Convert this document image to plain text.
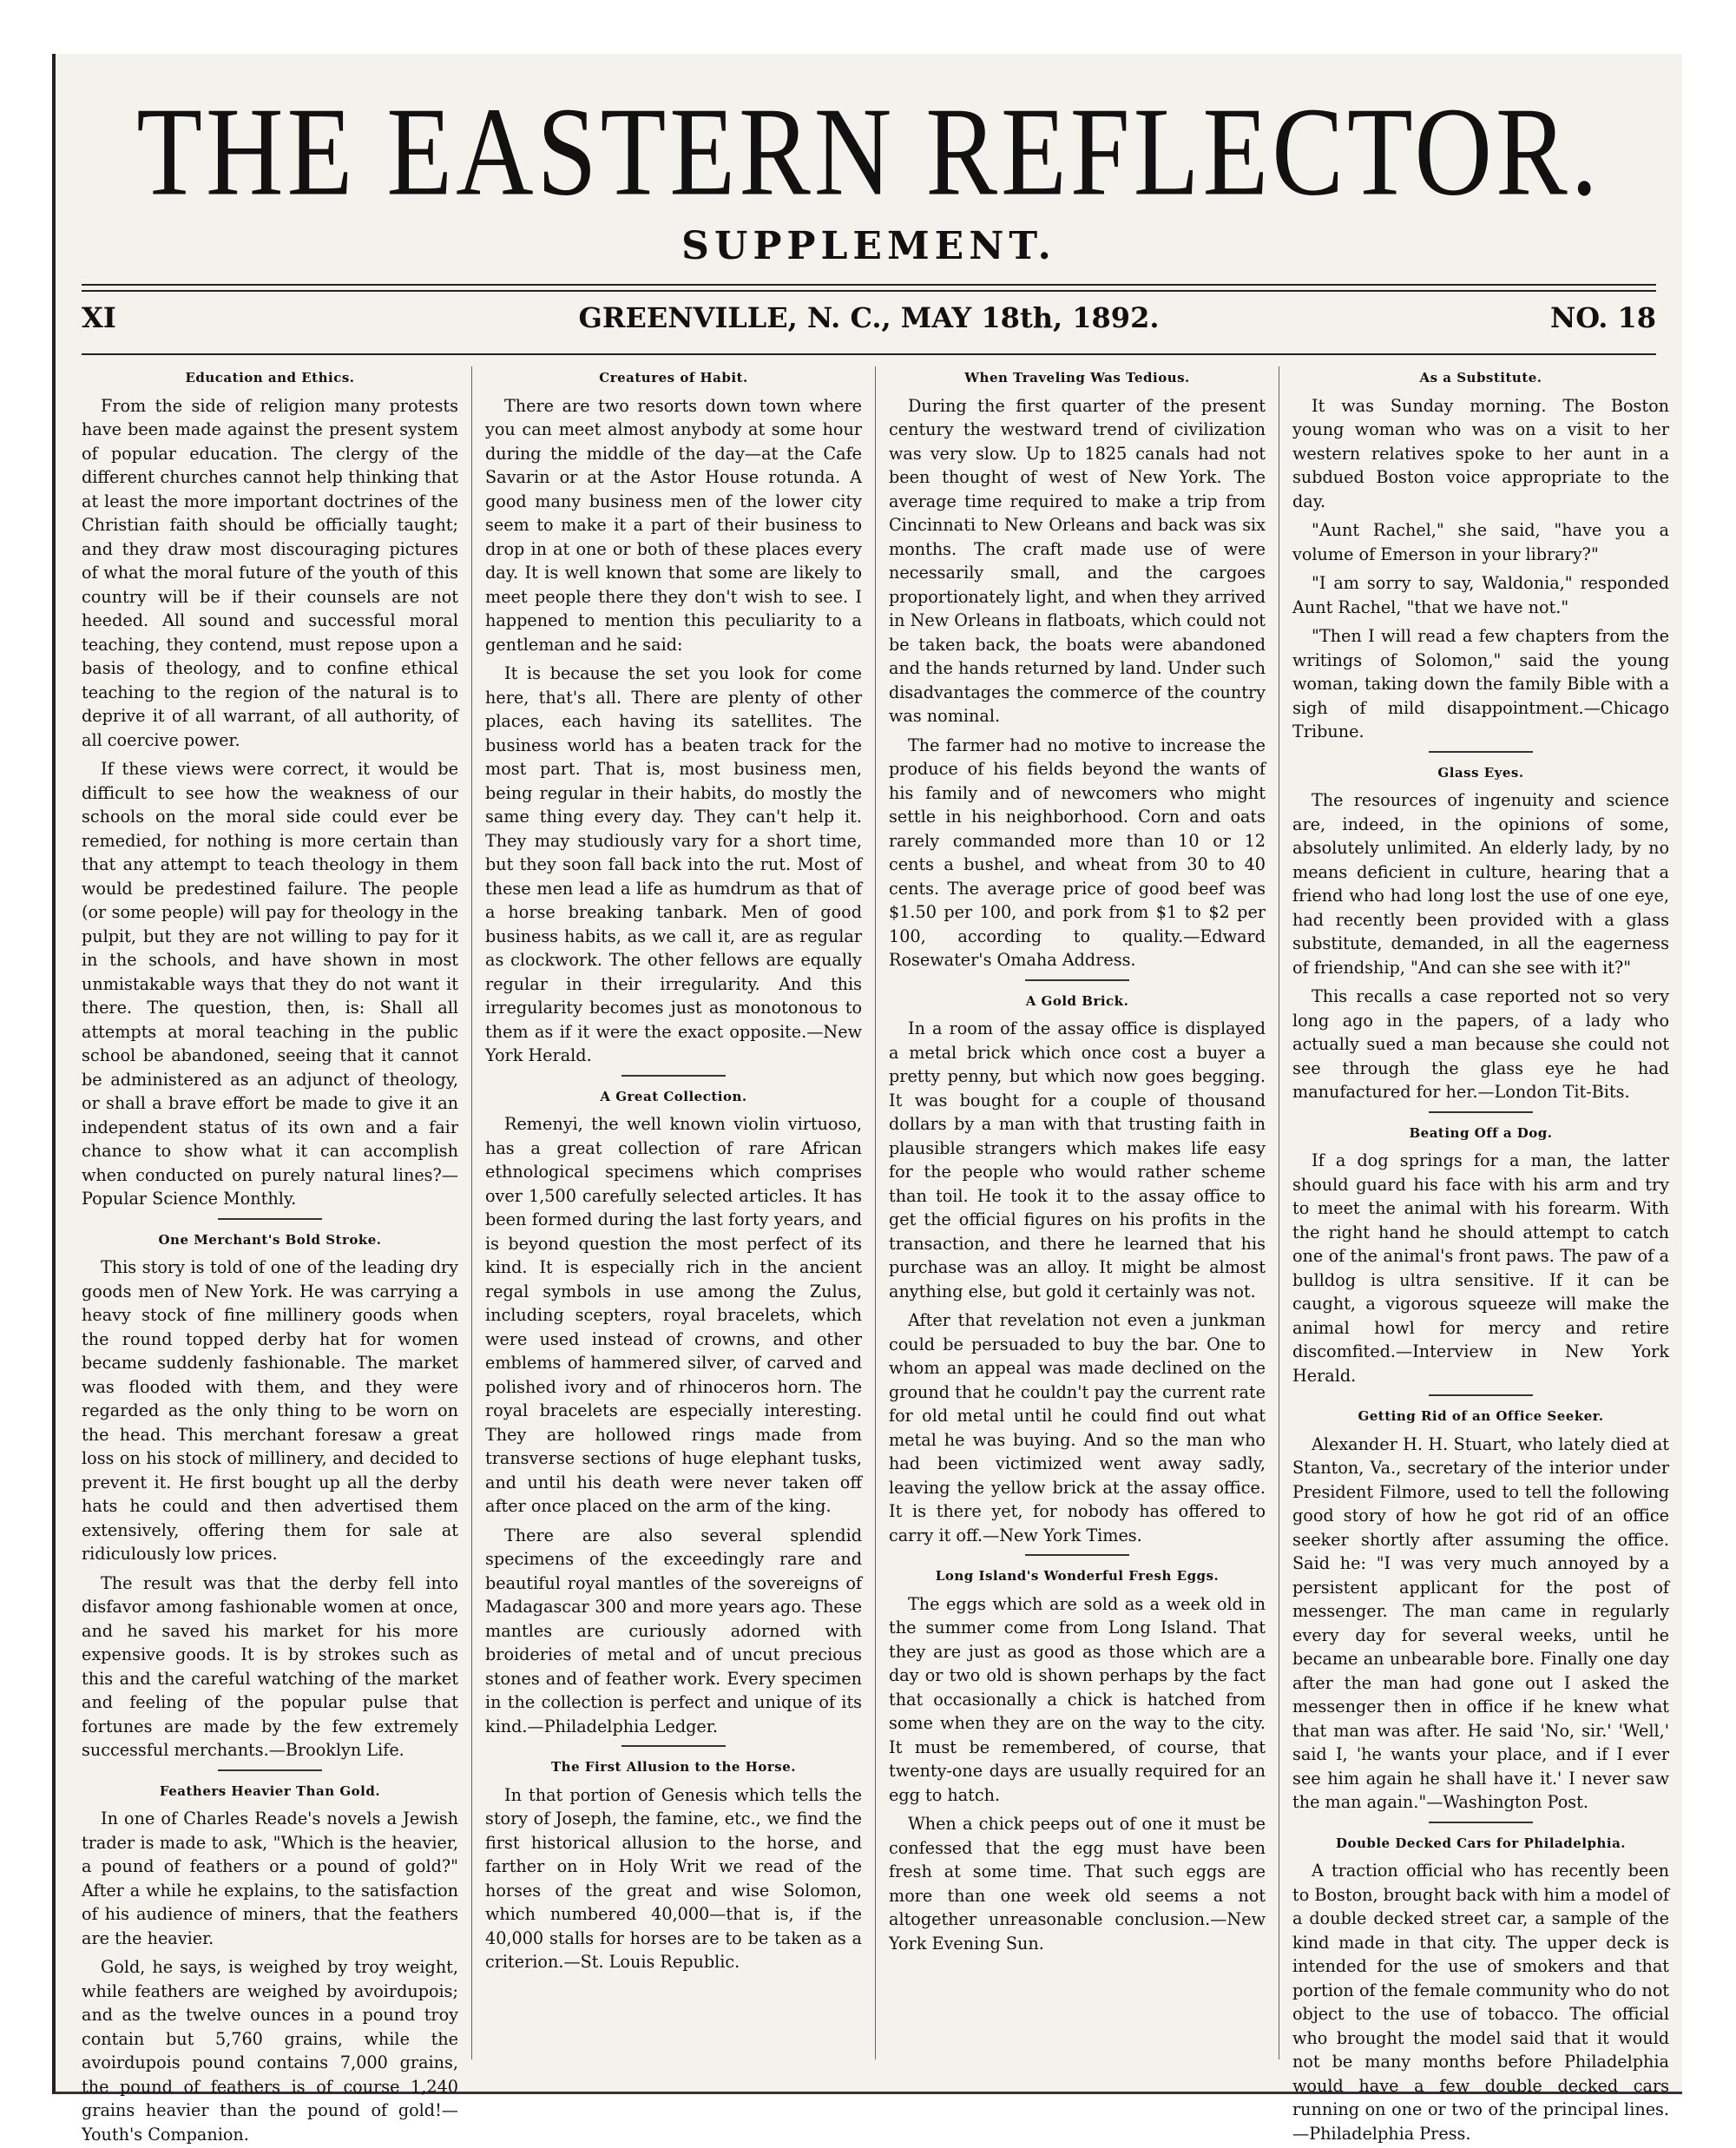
THE EASTERN REFLECTOR.
SUPPLEMENT.
XI	GREENVILLE, N. C., MAY 18th, 1892.	NO. 18
Education and Ethics.

From the side of religion many protests have been made against the present system of popular education. The clergy of the different churches cannot help thinking that at least the more important doctrines of the Christian faith should be officially taught; and they draw most discouraging pictures of what the moral future of the youth of this country will be if their counsels are not heeded. All sound and successful moral teaching, they contend, must repose upon a basis of theology, and to confine ethical teaching to the region of the natural is to deprive it of all warrant, of all authority, of all coercive power.

If these views were correct, it would be difficult to see how the weakness of our schools on the moral side could ever be remedied, for nothing is more certain than that any attempt to teach theology in them would be predestined failure. The people (or some people) will pay for theology in the pulpit, but they are not willing to pay for it in the schools, and have shown in most unmistakable ways that they do not want it there. The question, then, is: Shall all attempts at moral teaching in the public school be abandoned, seeing that it cannot be administered as an adjunct of theology, or shall a brave effort be made to give it an independent status of its own and a fair chance to show what it can accomplish when conducted on purely natural lines?—Popular Science Monthly.

One Merchant's Bold Stroke.

This story is told of one of the leading dry goods men of New York. He was carrying a heavy stock of fine millinery goods when the round topped derby hat for women became suddenly fashionable. The market was flooded with them, and they were regarded as the only thing to be worn on the head. This merchant foresaw a great loss on his stock of millinery, and decided to prevent it. He first bought up all the derby hats he could and then advertised them extensively, offering them for sale at ridiculously low prices.

The result was that the derby fell into disfavor among fashionable women at once, and he saved his market for his more expensive goods. It is by strokes such as this and the careful watching of the market and feeling of the popular pulse that fortunes are made by the few extremely successful merchants.—Brooklyn Life.

Feathers Heavier Than Gold.

In one of Charles Reade's novels a Jewish trader is made to ask, "Which is the heavier, a pound of feathers or a pound of gold?" After a while he explains, to the satisfaction of his audience of miners, that the feathers are the heavier.

Gold, he says, is weighed by troy weight, while feathers are weighed by avoirdupois; and as the twelve ounces in a pound troy contain but 5,760 grains, while the avoirdupois pound contains 7,000 grains, the pound of feathers is of course 1,240 grains heavier than the pound of gold!—Youth's Companion.

Creatures of Habit.

There are two resorts down town where you can meet almost anybody at some hour during the middle of the day—at the Cafe Savarin or at the Astor House rotunda. A good many business men of the lower city seem to make it a part of their business to drop in at one or both of these places every day. It is well known that some are likely to meet people there they don't wish to see. I happened to mention this peculiarity to a gentleman and he said:

It is because the set you look for come here, that's all. There are plenty of other places, each having its satellites. The business world has a beaten track for the most part. That is, most business men, being regular in their habits, do mostly the same thing every day. They can't help it. They may studiously vary for a short time, but they soon fall back into the rut. Most of these men lead a life as humdrum as that of a horse breaking tanbark. Men of good business habits, as we call it, are as regular as clockwork. The other fellows are equally regular in their irregularity. And this irregularity becomes just as monotonous to them as if it were the exact opposite.—New York Herald.

A Great Collection.

Remenyi, the well known violin virtuoso, has a great collection of rare African ethnological specimens which comprises over 1,500 carefully selected articles. It has been formed during the last forty years, and is beyond question the most perfect of its kind. It is especially rich in the ancient regal symbols in use among the Zulus, including scepters, royal bracelets, which were used instead of crowns, and other emblems of hammered silver, of carved and polished ivory and of rhinoceros horn. The royal bracelets are especially interesting. They are hollowed rings made from transverse sections of huge elephant tusks, and until his death were never taken off after once placed on the arm of the king.

There are also several splendid specimens of the exceedingly rare and beautiful royal mantles of the sovereigns of Madagascar 300 and more years ago. These mantles are curiously adorned with broideries of metal and of uncut precious stones and of feather work. Every specimen in the collection is perfect and unique of its kind.—Philadelphia Ledger.

The First Allusion to the Horse.

In that portion of Genesis which tells the story of Joseph, the famine, etc., we find the first historical allusion to the horse, and farther on in Holy Writ we read of the horses of the great and wise Solomon, which numbered 40,000—that is, if the 40,000 stalls for horses are to be taken as a criterion.—St. Louis Republic.

When Traveling Was Tedious.

During the first quarter of the present century the westward trend of civilization was very slow. Up to 1825 canals had not been thought of west of New York. The average time required to make a trip from Cincinnati to New Orleans and back was six months. The craft made use of were necessarily small, and the cargoes proportionately light, and when they arrived in New Orleans in flatboats, which could not be taken back, the boats were abandoned and the hands returned by land. Under such disadvantages the commerce of the country was nominal.

The farmer had no motive to increase the produce of his fields beyond the wants of his family and of newcomers who might settle in his neighborhood. Corn and oats rarely commanded more than 10 or 12 cents a bushel, and wheat from 30 to 40 cents. The average price of good beef was $1.50 per 100, and pork from $1 to $2 per 100, according to quality.—Edward Rosewater's Omaha Address.

A Gold Brick.

In a room of the assay office is displayed a metal brick which once cost a buyer a pretty penny, but which now goes begging. It was bought for a couple of thousand dollars by a man with that trusting faith in plausible strangers which makes life easy for the people who would rather scheme than toil. He took it to the assay office to get the official figures on his profits in the transaction, and there he learned that his purchase was an alloy. It might be almost anything else, but gold it certainly was not.

After that revelation not even a junkman could be persuaded to buy the bar. One to whom an appeal was made declined on the ground that he couldn't pay the current rate for old metal until he could find out what metal he was buying. And so the man who had been victimized went away sadly, leaving the yellow brick at the assay office. It is there yet, for nobody has offered to carry it off.—New York Times.

Long Island's Wonderful Fresh Eggs.

The eggs which are sold as a week old in the summer come from Long Island. That they are just as good as those which are a day or two old is shown perhaps by the fact that occasionally a chick is hatched from some when they are on the way to the city. It must be remembered, of course, that twenty-one days are usually required for an egg to hatch.

When a chick peeps out of one it must be confessed that the egg must have been fresh at some time. That such eggs are more than one week old seems a not altogether unreasonable conclusion.—New York Evening Sun.

As a Substitute.

It was Sunday morning. The Boston young woman who was on a visit to her western relatives spoke to her aunt in a subdued Boston voice appropriate to the day.

"Aunt Rachel," she said, "have you a volume of Emerson in your library?"

"I am sorry to say, Waldonia," responded Aunt Rachel, "that we have not."

"Then I will read a few chapters from the writings of Solomon," said the young woman, taking down the family Bible with a sigh of mild disappointment.—Chicago Tribune.

Glass Eyes.

The resources of ingenuity and science are, indeed, in the opinions of some, absolutely unlimited. An elderly lady, by no means deficient in culture, hearing that a friend who had long lost the use of one eye, had recently been provided with a glass substitute, demanded, in all the eagerness of friendship, "And can she see with it?"

This recalls a case reported not so very long ago in the papers, of a lady who actually sued a man because she could not see through the glass eye he had manufactured for her.—London Tit-Bits.

Beating Off a Dog.

If a dog springs for a man, the latter should guard his face with his arm and try to meet the animal with his forearm. With the right hand he should attempt to catch one of the animal's front paws. The paw of a bulldog is ultra sensitive. If it can be caught, a vigorous squeeze will make the animal howl for mercy and retire discomfited.—Interview in New York Herald.

Getting Rid of an Office Seeker.

Alexander H. H. Stuart, who lately died at Stanton, Va., secretary of the interior under President Filmore, used to tell the following good story of how he got rid of an office seeker shortly after assuming the office. Said he: "I was very much annoyed by a persistent applicant for the post of messenger. The man came in regularly every day for several weeks, until he became an unbearable bore. Finally one day after the man had gone out I asked the messenger then in office if he knew what that man was after. He said 'No, sir.' 'Well,' said I, 'he wants your place, and if I ever see him again he shall have it.' I never saw the man again."—Washington Post.

Double Decked Cars for Philadelphia.

A traction official who has recently been to Boston, brought back with him a model of a double decked street car, a sample of the kind made in that city. The upper deck is intended for the use of smokers and that portion of the female community who do not object to the use of tobacco. The official who brought the model said that it would not be many months before Philadelphia would have a few double decked cars running on one or two of the principal lines.—Philadelphia Press.
